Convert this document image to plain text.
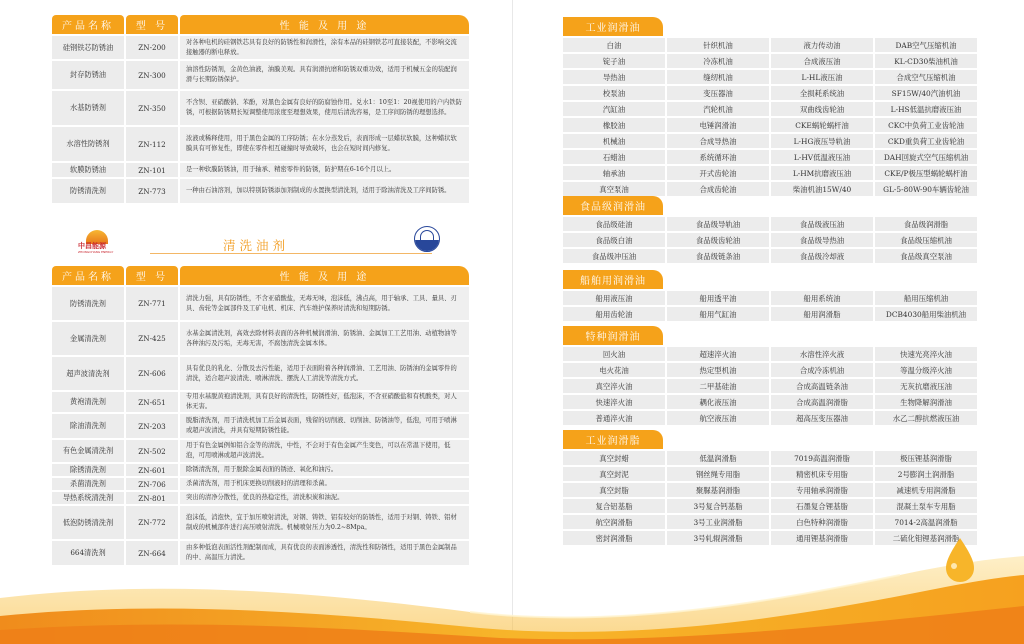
产品名称	型 号	性 能 及 用 途
硅钢铁芯防锈油	ZN-200
对各种电机的硅钢铁芯具有良好的防锈性和润滑性，涂有本品的硅钢铁芯可直接装配，不影响交流接触器的断电释放。
封存防锈油	ZN-300
油溶性防锈剂，金黄色油液，油膜美观。具有润滑抗磨和防锈双重功效，适用于机械五金的装配润滑与长期防锈保护。
水基防锈剂	ZN-350
不含钡、亚硝酸钠、苯酚，对黑色金属有良好的防腐蚀作用。兑水1：10至1：20视使用的户内铁防锈，可根据防锈期长短调整使用浓度至理想效果，使用后清洗容易，是工序间防锈的理想选择。
水溶性防锈剂	ZN-112
浓液或稀释使用，用于黑色金属的工序防锈；在水分蒸发后，表面形成一层蜡状软膜，这种蜡状软膜具有可修复性，即使在零件相互碰撞时导致破坏，也会在短时间内修复。
软膜防锈油	ZN-101	是一种软膜防锈油，用于轴承、精密零件的防锈，防护期在6-16个月以上。
防锈清洗剂	ZN-773	一种由石油溶剂，加以特别防锈添加剂制成的水置换型清洗剂，适用于除油清洗及工序间防锈。
中昌能源
ZHONGCHANG ENERGY	清洗油剂
产品名称	型 号	性 能 及 用 途
防锈清洗剂	ZN-771
清洗力强，具有防锈性，不含亚硝酸盐，无毒无味，泡沫低，沸点高，用于轴承、工具、量具、刃具、齿轮等金属部件及工矿电机、机床、汽车维护保养时清洗和短期防锈。
金属清洗剂	ZN-425
水基金属清洗剂，高效去除材料表面的各种机械润滑油、防锈油、金属加工工艺用油、动植物油等各种油污及污垢，无毒无害，不腐蚀清洗金属本体。
超声波清洗剂	ZN-606
具有优良的乳化、分散及去污性能，适用于表面附着各种润滑油、工艺用油、防锈油的金属零件的清洗，适合超声波清洗、喷淋清洗、摆洗人工清洗等清洗方式。
黄袍清洗剂	ZN-651
专用水基脱黄袍清洗剂，具有良好的清洗性，防锈性好，低泡沫，不含亚硝酸盐和有机酸类，对人体无害。
除油清洗剂	ZN-203
脱脂清洗剂，用于清洗机加工后金属表面，残留的切削液、切削油、防锈油等，低泡，可用于喷淋或超声波清洗，并具有短期防锈性能。
有色金属清洗剂	ZN-502
用于有色金属例如铝合金等的清洗，中性，不会对于有色金属产生变色，可以在常温下使用，低泡，可用喷淋或超声波清洗。
除锈清洗剂	ZN-601	除锈清洗剂，用于脱除金属表面的锈迹、氧化和油污。
杀菌清洗剂	ZN-706	杀菌清洗剂，用于机床更换切削液时的清理和杀菌。
导热系统清洗剂	ZN-801	突出的清净分散性，优良的热稳定性，清洗积炭和油泥。
低泡防锈清洗剂	ZN-772
泡沫低，消泡快，宜于加压喷射清洗，对钢、铸铁、铝有较好的防锈性，适用于对钢、铸铁、铝材制成的机械部件进行高压喷射清洗。机械喷射压力为0.2~8Mpa。
664清洗剂	ZN-664
由多种低泡表面活性剂配制而成，具有优良的表面渗透性，清洗性和防锈性，适用于黑色金属制品的中、高温压力清洗。
工业润滑油
白油	针织机油	液力传动油	DAB空气压缩机油
锭子油	冷冻机油	合成液压油	KL-CD30柴油机油
导热油	缝纫机油	L-HL液压油	合成空气压缩机油
校泵油	变压器油	全损耗系统油	SF15W/40汽油机油
汽缸油	汽轮机油	双曲线齿轮油	L-HS低温抗磨液压油
橡胶油	电锤润滑油	CKE蜗轮蜗杆油	CKC中负荷工业齿轮油
机械油	合成导热油	L-HG液压导轨油	CKD重负荷工业齿轮油
石蜡油	系统循环油	L-HV低温液压油	DAH回旋式空气压缩机油
轴承油	开式齿轮油	L-HM抗磨液压油	CKE/P极压型蜗轮蜗杆油
真空泵油	合成齿轮油	柴油机油15W/40	GL-5-80W-90车辆齿轮油
食品级润滑油
食品级硅油	食品级导轨油	食品级液压油	食品级润滑脂
食品级白油	食品级齿轮油	食品级导热油	食品级压缩机油
食品级冲压油	食品级链条油	食品级冷却液	食品级真空泵油
船舶用润滑油
船用液压油	船用透平油	船用系统油	船用压缩机油
船用齿轮油	船用气缸油	船用润滑脂	DCB4030船用柴油机油
特种润滑油
回火油	超速淬火油	水溶性淬火液	快速光亮淬火油
电火花油	热定型机油	合成冷冻机油	等温分级淬火油
真空淬火油	二甲基硅油	合成高温链条油	无灰抗磨液压油
快速淬火油	耦化液压油	合成高温润滑脂	生物降解润滑油
普通淬火油	航空液压油	超高压变压器油	水乙二醇抗燃液压油
工业润滑脂
真空封蜡	低温润滑脂	7019高温润滑脂	极压锂基润滑脂
真空封泥	钢丝绳专用脂	精密机床专用脂	2号膨润土润滑脂
真空封脂	聚脲基润滑脂	专用轴承润滑脂	减速机专用润滑脂
复合铝基脂	3号复合钙基脂	石墨复合锂基脂	混凝土泵车专用脂
航空润滑脂	3号工业润滑脂	白色特种润滑脂	7014-2高温润滑脂
密封润滑脂	3号轧辊润滑脂	通用锂基润滑脂	二硫化钼锂基润滑脂
